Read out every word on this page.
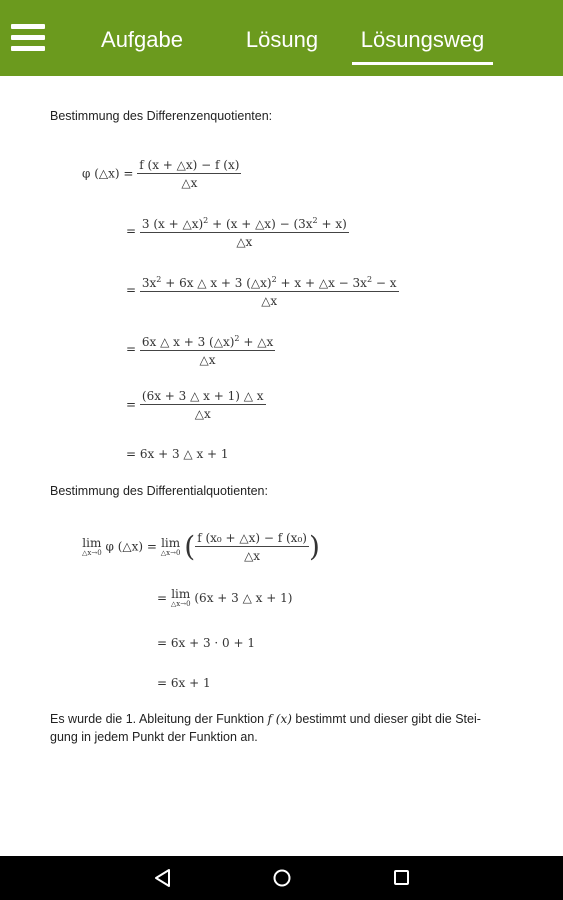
Aufgabe	Lösung	Lösungsweg
Bestimmung des Differenzenquotienten:
φ (△x) = $\frac{f (x + \triangle x) - f (x)}{\triangle x}$
= $\frac{3 (x + \triangle x)^2 + (x + \triangle x) - (3x^2 + x)}{\triangle x}$
= $\frac{3x^2 + 6x \triangle x + 3 (\triangle x)^2 + x + \triangle x - 3x^2 - x}{\triangle x}$
= $\frac{6x \triangle x + 3 (\triangle x)^2 + \triangle x}{\triangle x}$
= $\frac{(6x + 3 \triangle x + 1) \triangle x}{\triangle x}$
= 6x + 3 △ x + 1
Bestimmung des Differentialquotienten:
lim
△x→0 φ (△x) = lim
△x→0 ( $\frac{\text{f (x₀ + △x) − f (x₀)}}{\triangle x}$ )
= lim
△x→0 (6x + 3 △ x + 1)
= 6x + 3 · 0 + 1
= 6x + 1
Es wurde die 1. Ableitung der Funktion f (x) bestimmt und dieser gibt die Stei-
gung in jedem Punkt der Funktion an.
